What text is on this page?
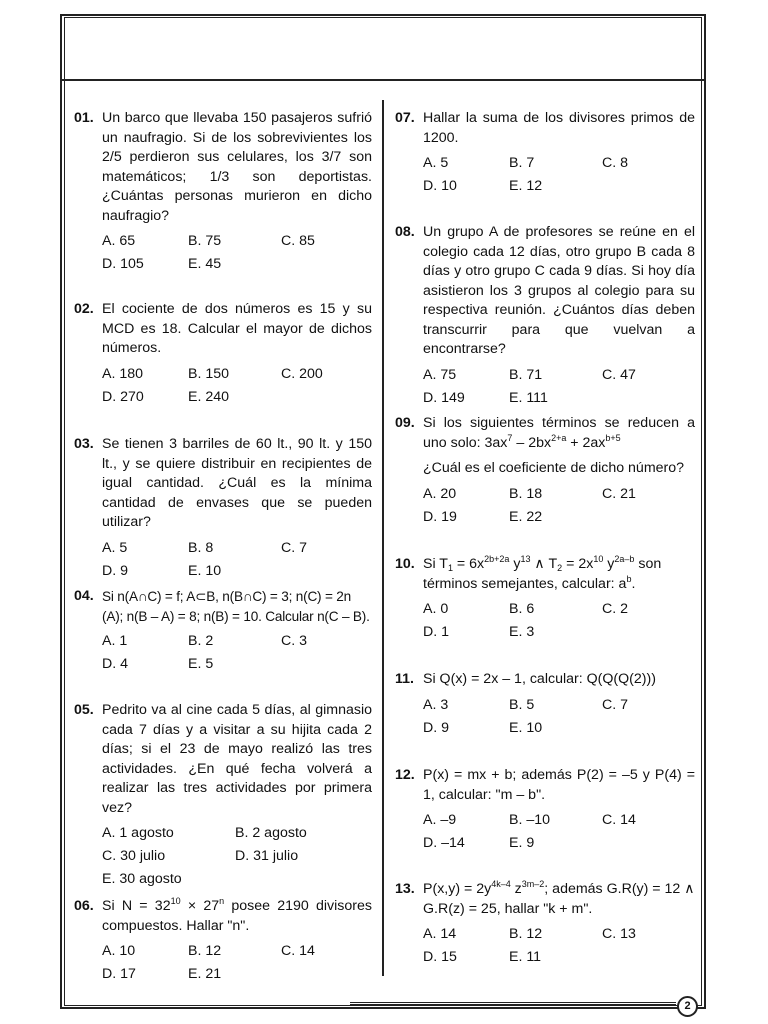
2
01. Un barco que llevaba 150 pasajeros sufrió un naufragio. Si de los sobrevivientes los 2/5 perdieron sus celulares, los 3/7 son matemáticos; 1/3 son deportistas. ¿Cuántas personas murieron en dicho naufragio?
A. 65	B. 75	C. 85
D. 105	E. 45
02. El cociente de dos números es 15 y su MCD es 18. Calcular el mayor de dichos números.
A. 180	B. 150	C. 200
D. 270	E. 240
03. Se tienen 3 barriles de 60 lt., 90 lt. y 150 lt., y se quiere distribuir en recipientes de igual cantidad. ¿Cuál es la mínima cantidad de envases que se pueden utilizar?
A. 5	B. 8	C. 7
D. 9	E. 10
04. Si n(A∩C) = f; A⊂B, n(B∩C) = 3; n(C) = 2n
(A); n(B – A) = 8; n(B) = 10. Calcular n(C – B).
A. 1	B. 2	C. 3
D. 4	E. 5
05. Pedrito va al cine cada 5 días, al gimnasio cada 7 días y a visitar a su hijita cada 2 días; si el 23 de mayo realizó las tres actividades. ¿En qué fecha volverá a realizar las tres actividades por primera vez?
A. 1 agosto	B. 2 agosto
C. 30 julio	D. 31 julio
E. 30 agosto
06. Si $N = 32^{10} \times 27^n$ posee 2190 divisores compuestos. Hallar "n".
A. 10	B. 12	C. 14
D. 17	E. 21
07. Hallar la suma de los divisores primos de 1200.
A. 5	B. 7	C. 8
D. 10	E. 12
08. Un grupo A de profesores se reúne en el colegio cada 12 días, otro grupo B cada 8 días y otro grupo C cada 9 días. Si hoy día asistieron los 3 grupos al colegio para su respectiva reunión. ¿Cuántos días deben transcurrir para que vuelvan a encontrarse?
A. 75	B. 71	C. 47
D. 149	E. 111
09. Si los siguientes términos se reducen a uno solo: $3ax^7 - 2bx^{2+a} + 2ax^{b+5}$
¿Cuál es el coeficiente de dicho número?
A. 20	B. 18	C. 21
D. 19	E. 22
10. Si $T_1 = 6x^{2b+2a}$ $y^{13}$ ∧ $T_2 = 2x^{10}$ $y^{2a-b}$ son términos semejantes, calcular: $a^b$.
A. 0	B. 6	C. 2
D. 1	E. 3
11. Si Q(x) = 2x – 1, calcular: Q(Q(Q(2)))
A. 3	B. 5	C. 7
D. 9	E. 10
12. P(x) = mx + b; además P(2) = –5 y P(4) = 1, calcular: "m – b".
A. –9	B. –10	C. 14
D. –14	E. 9
13. $P(x,y) = 2y^{4k-4}$ $z^{3m-2}$; además G.R(y) = 12 ∧ G.R(z) = 25, hallar "k + m".
A. 14	B. 12	C. 13
D. 15	E. 11
